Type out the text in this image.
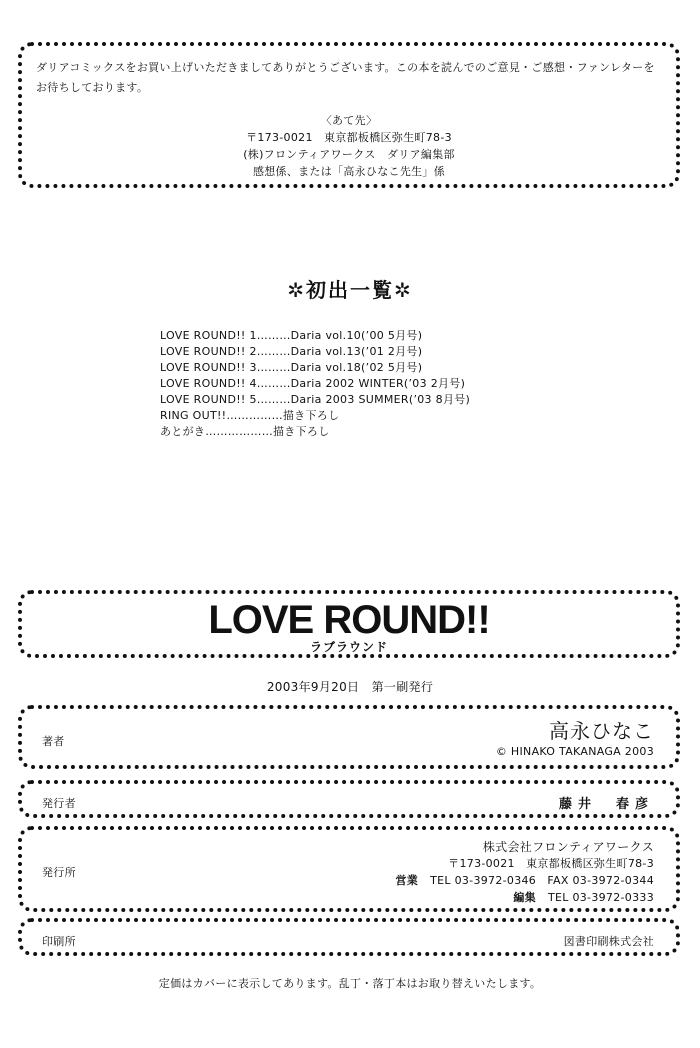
ダリアコミックスをお買い上げいただきましてありがとうございます。この本を読んでのご意見・ご感想・ファンレターをお待ちしております。
〈あて先〉
〒173-0021　東京都板橋区弥生町78-3
(株)フロンティアワークス　ダリア編集部
感想係、または「高永ひなこ先生」係
✲初出一覧✲
LOVE ROUND!! 1………Daria vol.10(’00 5月号)
LOVE ROUND!! 2………Daria vol.13(’01 2月号)
LOVE ROUND!! 3………Daria vol.18(’02 5月号)
LOVE ROUND!! 4………Daria 2002 WINTER(’03 2月号)
LOVE ROUND!! 5………Daria 2003 SUMMER(’03 8月号)
RING OUT!!……………描き下ろし
あとがき………………描き下ろし
LOVE ROUND!!
ラブラウンド
2003年9月20日　第一刷発行
著者	高永ひなこ
© HINAKO TAKANAGA 2003
発行者	藤井　春彦
発行所
株式会社フロンティアワークス
〒173-0021　東京都板橋区弥生町78-3
営業 TEL 03-3972-0346　FAX 03-3972-0344
編集 TEL 03-3972-0333
印刷所	図書印刷株式会社
定価はカバーに表示してあります。乱丁・落丁本はお取り替えいたします。
